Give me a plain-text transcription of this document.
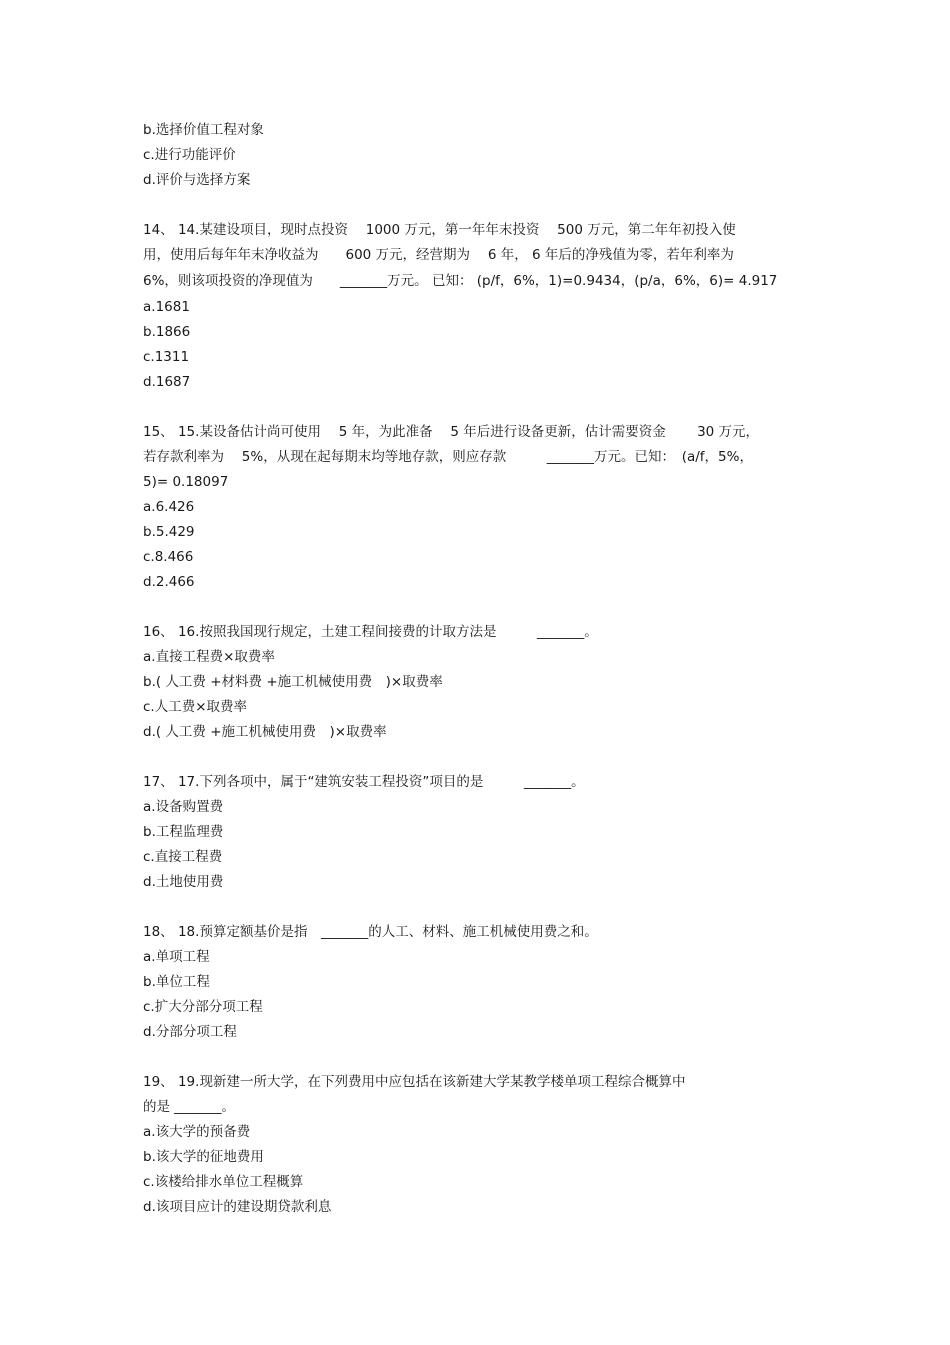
b.选择价值工程对象
c.进行功能评价
d.评价与选择方案
14、 14.某建设项目，现时点投资　 1000 万元，第一年年末投资　 500 万元，第二年年初投入使
用，使用后每年年末净收益为　　600 万元，经营期为　 6 年， 6 年后的净残值为零，若年利率为
6%，则该项投资的净现值为　　_______万元。 已知： (p/f，6%，1)=0.9434，(p/a，6%，6)= 4.917
a.1681
b.1866
c.1311
d.1687
15、 15.某设备估计尚可使用　 5 年，为此准备　 5 年后进行设备更新，估计需要资金　　 30 万元，
若存款利率为　 5%，从现在起每期末均等地存款，则应存款　　　_______万元。已知：　(a/f，5%，
5)= 0.18097
a.6.426
b.5.429
c.8.466
d.2.466
16、 16.按照我国现行规定，土建工程间接费的计取方法是　　　_______。
a.直接工程费×取费率
b.( 人工费 +材料费 +施工机械使用费　)×取费率
c.人工费×取费率
d.( 人工费 +施工机械使用费　)×取费率
17、 17.下列各项中，属于“建筑安装工程投资”项目的是　　　_______。
a.设备购置费
b.工程监理费
c.直接工程费
d.土地使用费
18、 18.预算定额基价是指　_______的人工、材料、施工机械使用费之和。
a.单项工程
b.单位工程
c.扩大分部分项工程
d.分部分项工程
19、 19.现新建一所大学，在下列费用中应包括在该新建大学某教学楼单项工程综合概算中
的是 _______。
a.该大学的预备费
b.该大学的征地费用
c.该楼给排水单位工程概算
d.该项目应计的建设期贷款利息
